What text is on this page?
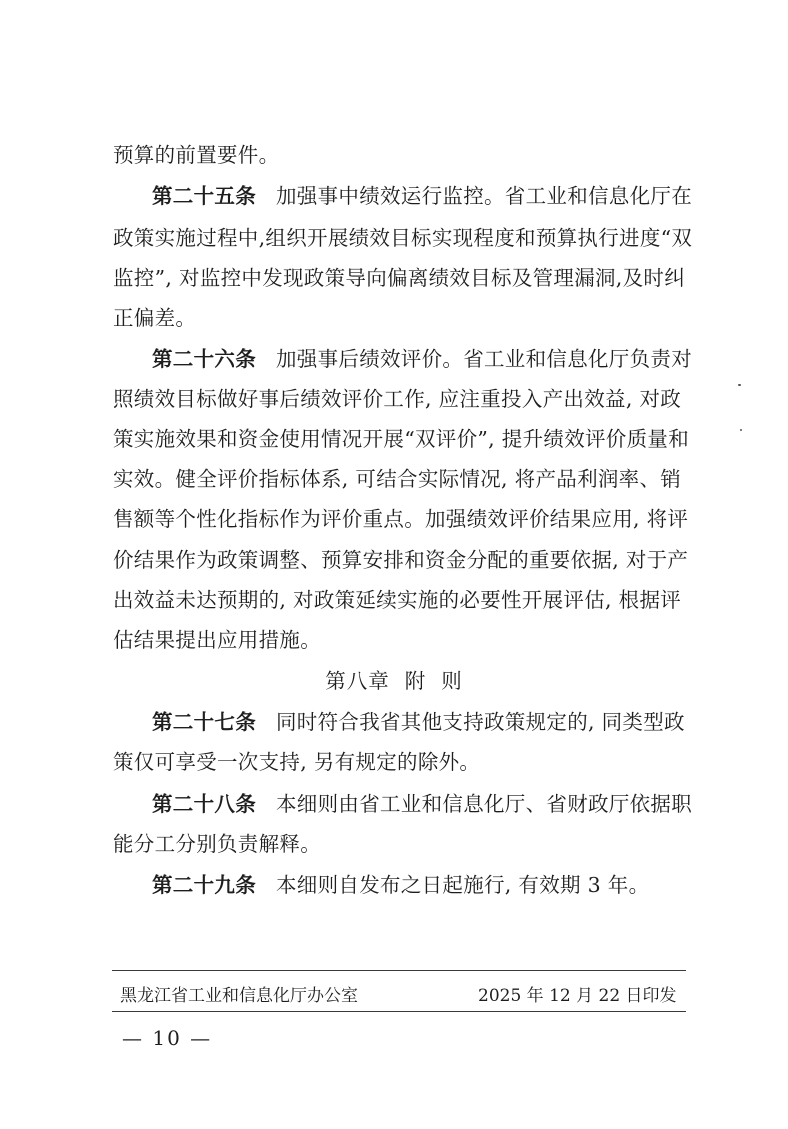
预算的前置要件。
第二十五条 加强事中绩效运行监控。省工业和信息化厅在
政策实施过程中,组织开展绩效目标实现程度和预算执行进度“双
监控”, 对监控中发现政策导向偏离绩效目标及管理漏洞,及时纠
正偏差。
第二十六条 加强事后绩效评价。省工业和信息化厅负责对
照绩效目标做好事后绩效评价工作, 应注重投入产出效益, 对政
策实施效果和资金使用情况开展“双评价”, 提升绩效评价质量和
实效。健全评价指标体系, 可结合实际情况, 将产品利润率、销
售额等个性化指标作为评价重点。加强绩效评价结果应用, 将评
价结果作为政策调整、预算安排和资金分配的重要依据, 对于产
出效益未达预期的, 对政策延续实施的必要性开展评估, 根据评
估结果提出应用措施。
第八章  附  则
第二十七条 同时符合我省其他支持政策规定的, 同类型政
策仅可享受一次支持, 另有规定的除外。
第二十八条 本细则由省工业和信息化厅、省财政厅依据职
能分工分别负责解释。
第二十九条 本细则自发布之日起施行, 有效期 3 年。
黑龙江省工业和信息化厅办公室	2025 年 12 月 22 日印发
— 10 —
